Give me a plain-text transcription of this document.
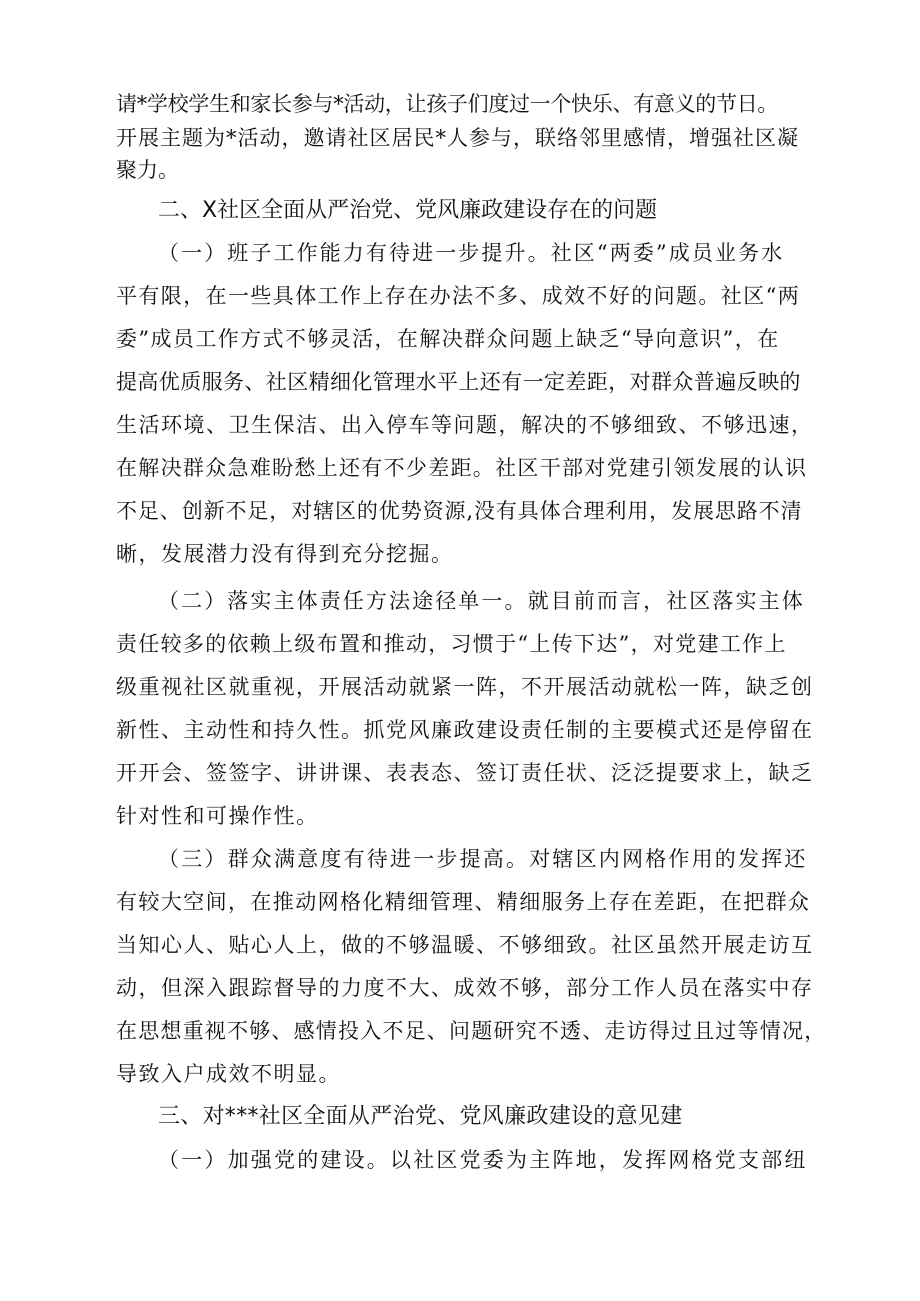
请*学校学生和家长参与*活动，让孩子们度过一个快乐、有意义的节日。
开展主题为*活动，邀请社区居民*人参与，联络邻里感情，增强社区凝
聚力。
二、X社区全面从严治党、党风廉政建设存在的问题
（一）班子工作能力有待进一步提升。社区“两委”成员业务水
平有限，在一些具体工作上存在办法不多、成效不好的问题。社区“两
委”成员工作方式不够灵活，在解决群众问题上缺乏“导向意识”，在
提高优质服务、社区精细化管理水平上还有一定差距，对群众普遍反映的
生活环境、卫生保洁、出入停车等问题，解决的不够细致、不够迅速，
在解决群众急难盼愁上还有不少差距。社区干部对党建引领发展的认识
不足、创新不足，对辖区的优势资源,没有具体合理利用，发展思路不清
晰，发展潜力没有得到充分挖掘。
（二）落实主体责任方法途径单一。就目前而言，社区落实主体
责任较多的依赖上级布置和推动，习惯于“上传下达”，对党建工作上
级重视社区就重视，开展活动就紧一阵，不开展活动就松一阵，缺乏创
新性、主动性和持久性。抓党风廉政建设责任制的主要模式还是停留在
开开会、签签字、讲讲课、表表态、签订责任状、泛泛提要求上，缺乏
针对性和可操作性。
（三）群众满意度有待进一步提高。对辖区内网格作用的发挥还
有较大空间，在推动网格化精细管理、精细服务上存在差距，在把群众
当知心人、贴心人上，做的不够温暖、不够细致。社区虽然开展走访互
动，但深入跟踪督导的力度不大、成效不够，部分工作人员在落实中存
在思想重视不够、感情投入不足、问题研究不透、走访得过且过等情况，
导致入户成效不明显。
三、对***社区全面从严治党、党风廉政建设的意见建
（一）加强党的建设。以社区党委为主阵地，发挥网格党支部纽
